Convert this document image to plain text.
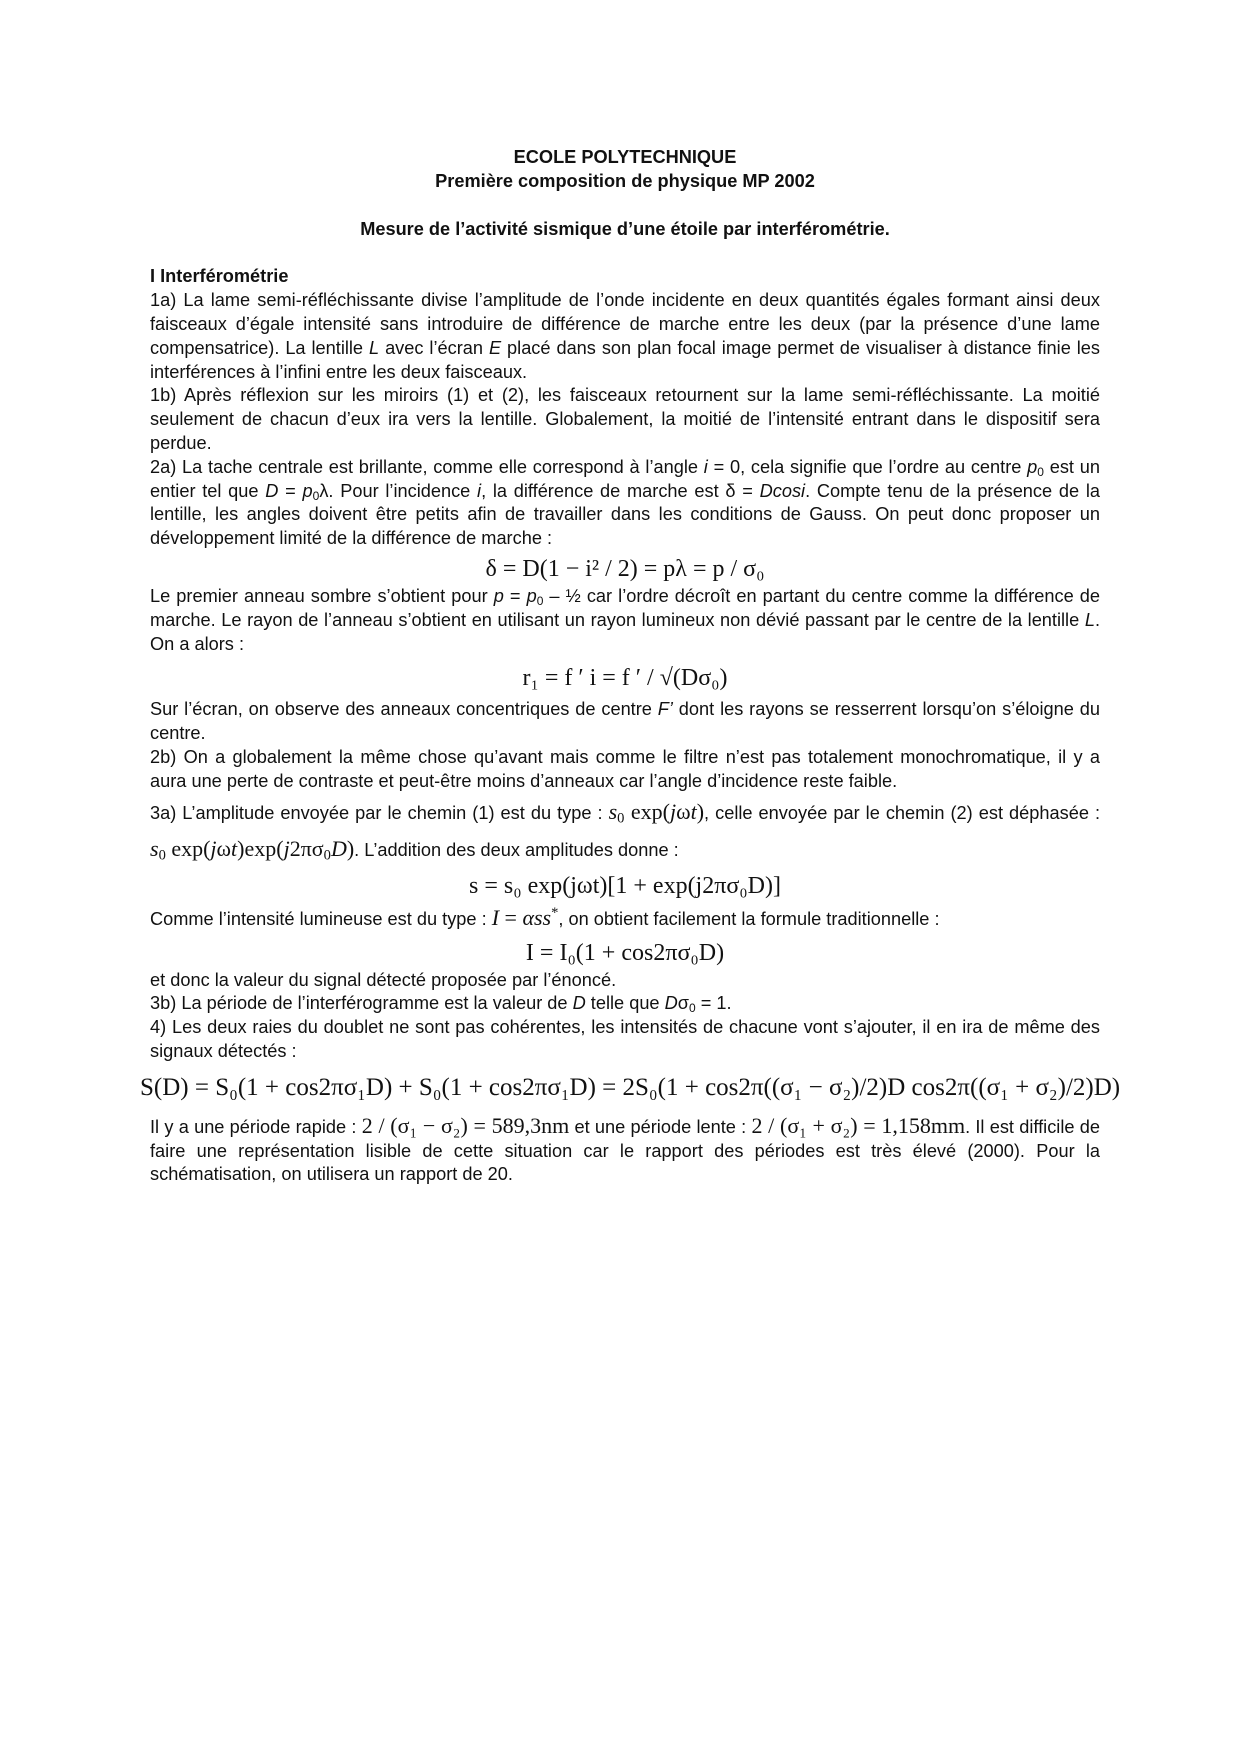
ECOLE POLYTECHNIQUE
Première composition de physique MP 2002
Mesure de l’activité sismique d’une étoile par interférométrie.
I Interférométrie
1a) La lame semi-réfléchissante divise l’amplitude de l’onde incidente en deux quantités égales formant ainsi deux faisceaux d’égale intensité sans introduire de différence de marche entre les deux (par la présence d’une lame compensatrice). La lentille L avec l’écran E placé dans son plan focal image permet de visualiser à distance finie les interférences à l’infini entre les deux faisceaux.
1b) Après réflexion sur les miroirs (1) et (2), les faisceaux retournent sur la lame semi-réfléchissante. La moitié seulement de chacun d’eux ira vers la lentille. Globalement, la moitié de l’intensité entrant dans le dispositif sera perdue.
2a) La tache centrale est brillante, comme elle correspond à l’angle i = 0, cela signifie que l’ordre au centre $p_0$ est un entier tel que $D = p_0\lambda$. Pour l’incidence i, la différence de marche est δ = Dcosi. Compte tenu de la présence de la lentille, les angles doivent être petits afin de travailler dans les conditions de Gauss. On peut donc proposer un développement limité de la différence de marche :
δ = D(1 − i² / 2) = pλ = p / σ₀
Le premier anneau sombre s’obtient pour $p = p_0$ – ½ car l’ordre décroît en partant du centre comme la différence de marche. Le rayon de l’anneau s’obtient en utilisant un rayon lumineux non dévié passant par le centre de la lentille L. On a alors :
r₁ = f ′ i = f ′ / √(Dσ₀)
Sur l’écran, on observe des anneaux concentriques de centre F’ dont les rayons se resserrent lorsqu’on s’éloigne du centre.
2b) On a globalement la même chose qu’avant mais comme le filtre n’est pas totalement monochromatique, il y a aura une perte de contraste et peut-être moins d’anneaux car l’angle d’incidence reste faible.
3a) L’amplitude envoyée par le chemin (1) est du type : $s_0$ exp(jωt), celle envoyée par le chemin (2) est déphasée : $s_0$ $\exp(j\omega t)\exp(j2\pi\sigma_0D)$. L’addition des deux amplitudes donne :
s = s₀ exp(jωt)[1 + exp(j2πσ₀D)]
Comme l’intensité lumineuse est du type : I = αss*, on obtient facilement la formule traditionnelle :
I = I₀(1 + cos2πσ₀D)
et donc la valeur du signal détecté proposée par l’énoncé.
3b) La période de l’interférogramme est la valeur de D telle que $D\sigma_0 = 1$.
4) Les deux raies du doublet ne sont pas cohérentes, les intensités de chacune vont s’ajouter, il en ira de même des signaux détectés :
S(D) = S₀(1 + cos2πσ₁D) + S₀(1 + cos2πσ₁D) = 2S₀(1 + cos2π((σ₁ − σ₂)/2)D cos2π((σ₁ + σ₂)/2)D)
Il y a une période rapide : 2 / (σ₁ − σ₂) = 589,3nm et une période lente : 2 / (σ₁ + σ₂) = 1,158mm. Il est difficile de faire une représentation lisible de cette situation car le rapport des périodes est très élevé (2000). Pour la schématisation, on utilisera un rapport de 20.
